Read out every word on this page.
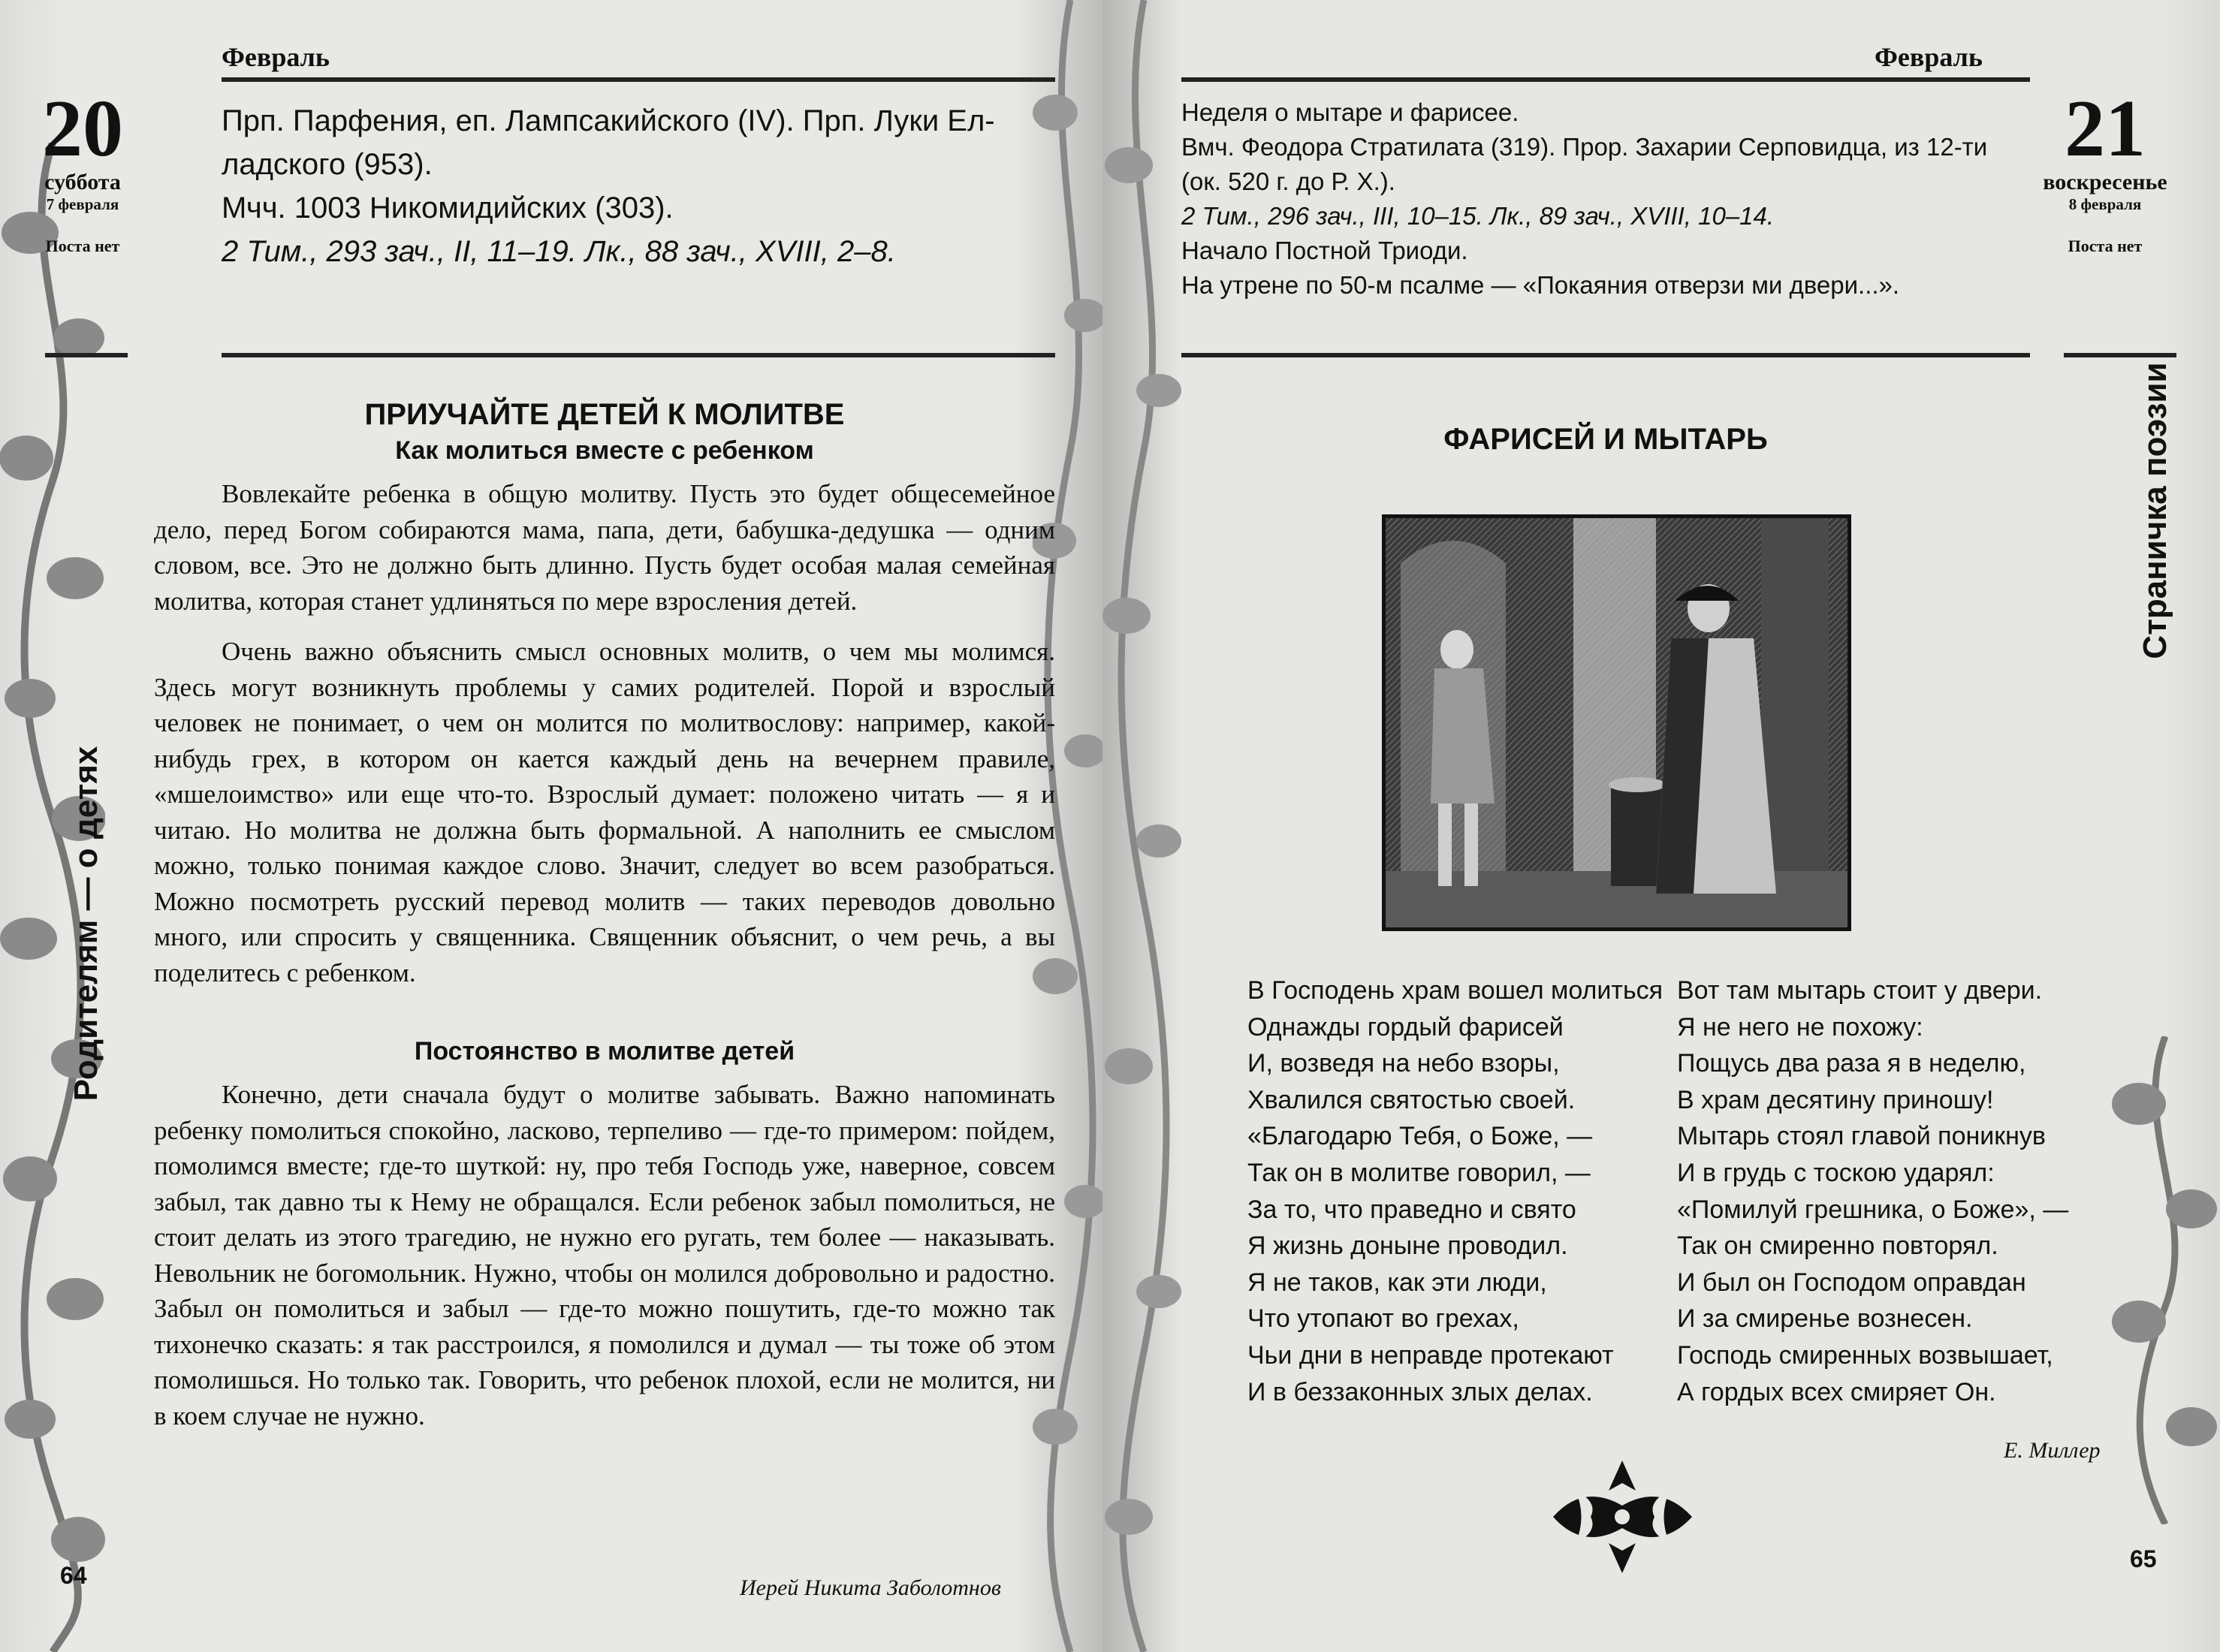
Февраль
20
суббота
7 февраля
Поста нет

Прп. Парфения, еп. Лампсакийского (IV). Прп. Луки Ел-

ладского (953).

Мчч. 1003 Никомидийских (303).

2 Тим., 293 зач., II, 11–19. Лк., 88 зач., XVIII, 2–8.

Родителям — о детях
ПРИУЧАЙТЕ ДЕТЕЙ К МОЛИТВЕ
Как молиться вместе с ребенком

Вовлекайте ребенка в общую молитву. Пусть это будет общесемейное дело, перед Богом собираются мама, папа, дети, бабушка-дедушка — одним словом, все. Это не должно быть длинно. Пусть будет особая малая семейная молитва, которая станет удлиняться по мере взросления детей.

Очень важно объяснить смысл основных молитв, о чем мы молимся. Здесь могут возникнуть проблемы у самих родителей. Порой и взрослый человек не понимает, о чем он молится по молитвослову: например, какой-нибудь грех, в котором он кается каждый день на вечернем правиле, «мшелоимство» или еще что-то. Взрослый думает: положено читать — я и читаю. Но молитва не должна быть формальной. А наполнить ее смыслом можно, только понимая каждое слово. Значит, следует во всем разобраться. Можно посмотреть русский перевод молитв — таких переводов довольно много, или спросить у священника. Священник объяснит, о чем речь, а вы поделитесь с ребенком.

Постоянство в молитве детей

Конечно, дети сначала будут о молитве забывать. Важно напоминать ребенку помолиться спокойно, ласково, терпеливо — где-то примером: пойдем, помолимся вместе; где-то шуткой: ну, про тебя Господь уже, наверное, совсем забыл, так давно ты к Нему не обращался. Если ребенок забыл помолиться, не стоит делать из этого трагедию, не нужно его ругать, тем более — наказывать. Невольник не богомольник. Нужно, чтобы он молился добровольно и радостно. Забыл он помолиться и забыл — где-то можно пошутить, где-то можно так тихонечко сказать: я так расстроился, я помолился и думал — ты тоже об этом помолишься. Но только так. Говорить, что ребенок плохой, если не молится, ни в коем случае не нужно.

Иерей Никита Заболотнов
64
Февраль
21
воскресенье
8 февраля
Поста нет

Неделя о мытаре и фарисее.

Вмч. Феодора Стратилата (319). Прор. Захарии Серповидца, из 12-ти

(ок. 520 г. до Р. Х.).

2 Тим., 296 зач., III, 10–15. Лк., 89 зач., XVIII, 10–14.

Начало Постной Триоди.

На утрене по 50-м псалме — «Покаяния отверзи ми двери...».

Страничка поэзии
ФАРИСЕЙ И МЫТАРЬ
В Господень храм вошел молиться
Однажды гордый фарисей
И, возведя на небо взоры,
Хвалился святостью своей.
«Благодарю Тебя, о Боже, —
Так он в молитве говорил, —
За то, что праведно и свято
Я жизнь доныне проводил.
Я не таков, как эти люди,
Что утопают во грехах,
Чьи дни в неправде протекают
И в беззаконных злых делах.
Вот там мытарь стоит у двери.
Я не него не похожу:
Пощусь два раза я в неделю,
В храм десятину приношу!
Мытарь стоял главой поникнув
И в грудь с тоскою ударял:
«Помилуй грешника, о Боже», —
Так он смиренно повторял.
И был он Господом оправдан
И за смиренье вознесен.
Господь смиренных возвышает,
А гордых всех смиряет Он.
Е. Миллер
65
